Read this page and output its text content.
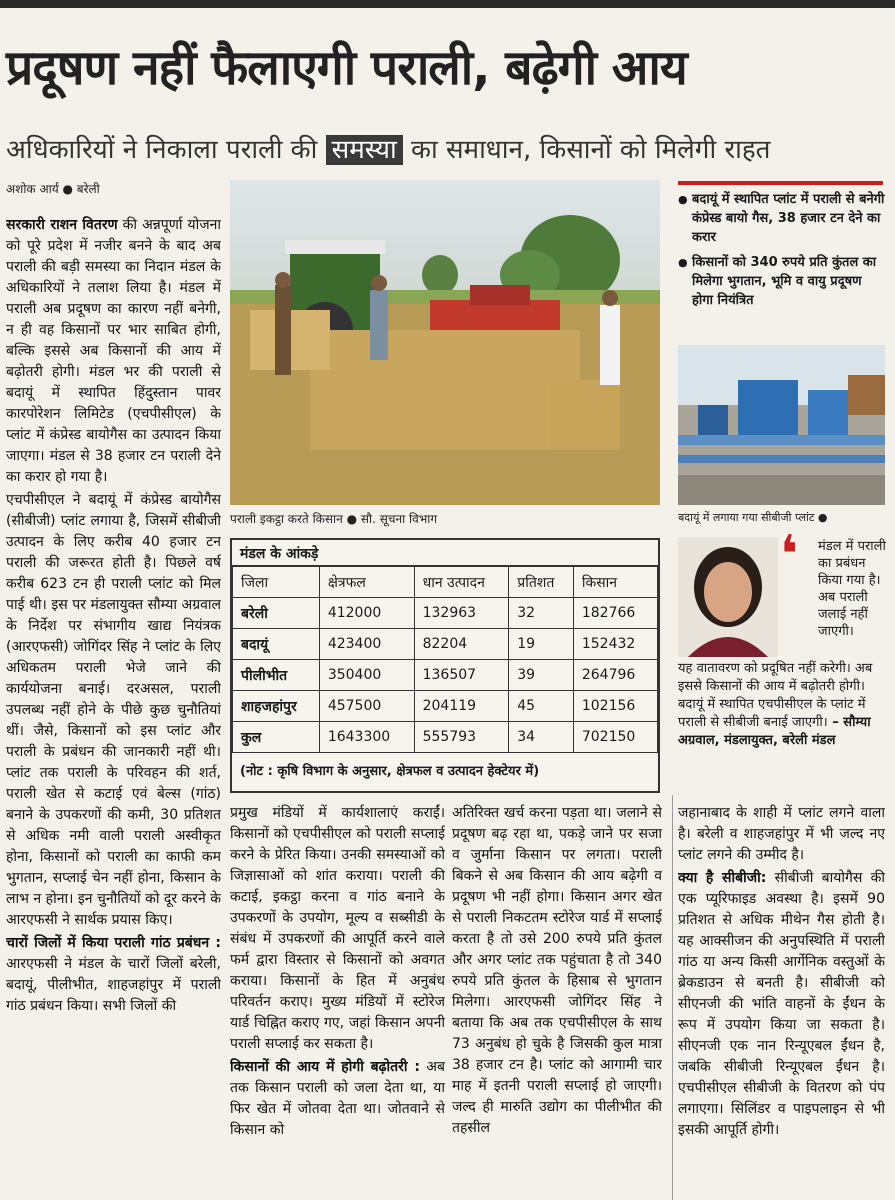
प्रदूषण नहीं फैलाएगी पराली, बढ़ेगी आय
अधिकारियों ने निकाला पराली की समस्या का समाधान, किसानों को मिलेगी राहत
अशोक आर्य ● बरेली

सरकारी राशन वितरण की अन्नपूर्णा योजना को पूरे प्रदेश में नजीर बनने के बाद अब पराली की बड़ी समस्या का निदान मंडल के अधिकारियों ने तलाश लिया है। मंडल में पराली अब प्रदूषण का कारण नहीं बनेगी, न ही वह किसानों पर भार साबित होगी, बल्कि इससे अब किसानों की आय में बढ़ोतरी होगी। मंडल भर की पराली से बदायूं में स्थापित हिंदुस्तान पावर कारपोरेशन लिमिटेड (एचपीसीएल) के प्लांट में कंप्रेस्ड बायोगैस का उत्पादन किया जाएगा। मंडल से 38 हजार टन पराली देने का करार हो गया है।

एचपीसीएल ने बदायूं में कंप्रेस्ड बायोगैस (सीबीजी) प्लांट लगाया है, जिसमें सीबीजी उत्पादन के लिए करीब 40 हजार टन पराली की जरूरत होती है। पिछले वर्ष करीब 623 टन ही पराली प्लांट को मिल पाई थी। इस पर मंडलायुक्त सौम्या अग्रवाल के निर्देश पर संभागीय खाद्य नियंत्रक (आरएफसी) जोगिंदर सिंह ने प्लांट के लिए अधिकतम पराली भेजे जाने की कार्ययोजना बनाई। दरअसल, पराली उपलब्ध नहीं होने के पीछे कुछ चुनौतियां थीं। जैसे, किसानों को इस प्लांट और पराली के प्रबंधन की जानकारी नहीं थी। प्लांट तक पराली के परिवहन की शर्त, पराली खेत से कटाई एवं बेल्स (गांठ) बनाने के उपकरणों की कमी, 30 प्रतिशत से अधिक नमी वाली पराली अस्वीकृत होना, किसानों को पराली का काफी कम भुगतान, सप्लाई चेन नहीं होना, किसान के लाभ न होना। इन चुनौतियों को दूर करने के आरएफसी ने सार्थक प्रयास किए।

चारों जिलों में किया पराली गांठ प्रबंधन : आरएफसी ने मंडल के चारों जिलों बरेली, बदायूं, पीलीभीत, शाहजहांपुर में पराली गांठ प्रबंधन किया। सभी जिलों की

पराली इकट्ठा करते किसान ● सौ. सूचना विभाग
मंडल के आंकड़े
जिला	क्षेत्रफल	धान उत्पादन	प्रतिशत	किसान
बरेली	412000	132963	32	182766
बदायूं	423400	82204	19	152432
पीलीभीत	350400	136507	39	264796
शाहजहांपुर	457500	204119	45	102156
कुल	1643300	555793	34	702150
(नोट : कृषि विभाग के अनुसार, क्षेत्रफल व उत्पादन हेक्टेयर में)

प्रमुख मंडियों में कार्यशालाएं कराईं। किसानों को एचपीसीएल को पराली सप्लाई करने के प्रेरित किया। उनकी समस्याओं को जिज्ञासाओं को शांत कराया। पराली की कटाई, इकट्ठा करना व गांठ बनाने के उपकरणों के उपयोग, मूल्य व सब्सीडी के संबंध में उपकरणों की आपूर्ति करने वाले फर्म द्वारा विस्तार से किसानों को अवगत कराया। किसानों के हित में अनुबंध परिवर्तन कराए। मुख्य मंडियों में स्टोरेज यार्ड चिह्नित कराए गए, जहां किसान अपनी पराली सप्लाई कर सकता है।

किसानों की आय में होगी बढ़ोतरी : अब तक किसान पराली को जला देता था, या फिर खेत में जोतवा देता था। जोतवाने से किसान को

अतिरिक्त खर्च करना पड़ता था। जलाने से प्रदूषण बढ़ रहा था, पकड़े जाने पर सजा व जुर्माना किसान पर लगता। पराली बिकने से अब किसान की आय बढ़ेगी व प्रदूषण भी नहीं होगा। किसान अगर खेत से पराली निकटतम स्टोरेज यार्ड में सप्लाई करता है तो उसे 200 रुपये प्रति कुंतल और अगर प्लांट तक पहुंचाता है तो 340 रुपये प्रति कुंतल के हिसाब से भुगतान मिलेगा। आरएफसी जोगिंदर सिंह ने बताया कि अब तक एचपीसीएल के साथ 73 अनुबंध हो चुके है जिसकी कुल मात्रा 38 हजार टन है। प्लांट को आगामी चार माह में इतनी पराली सप्लाई हो जाएगी। जल्द ही मारुति उद्योग का पीलीभीत की तहसील

● बदायूं में स्थापित प्लांट में पराली से बनेगी कंप्रेस्ड बायो गैस, 38 हजार टन देने का करार
● किसानों को 340 रुपये प्रति कुंतल का मिलेगा भुगतान, भूमि व वायु प्रदूषण होगा नियंत्रित
बदायूं में लगाया गया सीबीजी प्लांट ●
❛ मंडल में पराली का प्रबंधन किया गया है। अब पराली जलाई नहीं जाएगी।
यह वातावरण को प्रदूषित नहीं करेगी। अब इससे किसानों की आय में बढ़ोतरी होगी। बदायूं में स्थापित एचपीसीएल के प्लांट में पराली से सीबीजी बनाई जाएगी। – सौम्या अग्रवाल, मंडलायुक्त, बरेली मंडल

जहानाबाद के शाही में प्लांट लगने वाला है। बरेली व शाहजहांपुर में भी जल्द नए प्लांट लगने की उम्मीद है।

क्या है सीबीजी: सीबीजी बायोगैस की एक प्यूरिफाइड अवस्था है। इसमें 90 प्रतिशत से अधिक मीथेन गैस होती है। यह आक्सीजन की अनुपस्थिति में पराली गांठ या अन्य किसी आर्गेनिक वस्तुओं के ब्रेकडाउन से बनती है। सीबीजी को सीएनजी की भांति वाहनों के ईंधन के रूप में उपयोग किया जा सकता है। सीएनजी एक नान रिन्यूएबल ईंधन है, जबकि सीबीजी रिन्यूएबल ईंधन है। एचपीसीएल सीबीजी के वितरण को पंप लगाएगा। सिलिंडर व पाइपलाइन से भी इसकी आपूर्ति होगी।
